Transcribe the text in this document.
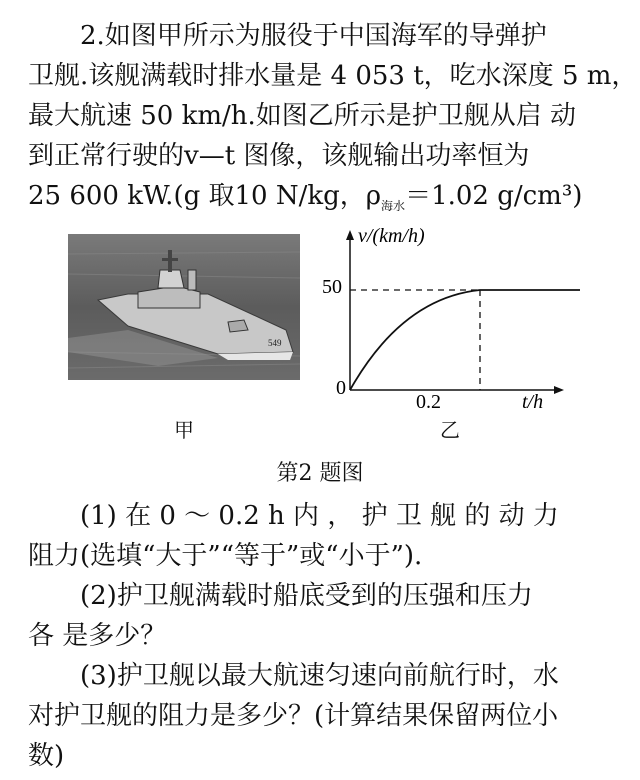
2.如图甲所示为服役于中国海军的导弹护
卫舰.该舰满载时排水量是 4 053 t，吃水深度 5 m，
最大航速 50 km/h.如图乙所示是护卫舰从启 动
到正常行驶的v—t 图像，该舰输出功率恒为
25 600 kW.(g 取10 N/kg，$\rho_{海水}=1.02$ g/cm³)
549
甲
v/(km/h)
t/h
0
50
0.2
乙
第2 题图
(1) 在 0 ～ 0.2 h 内 ， 护 卫 舰 的 动 力
阻力(选填“大于”“等于”或“小于”).
(2)护卫舰满载时船底受到的压强和压力
各 是多少？
(3)护卫舰以最大航速匀速向前航行时，水
对护卫舰的阻力是多少？(计算结果保留两位小
数)
